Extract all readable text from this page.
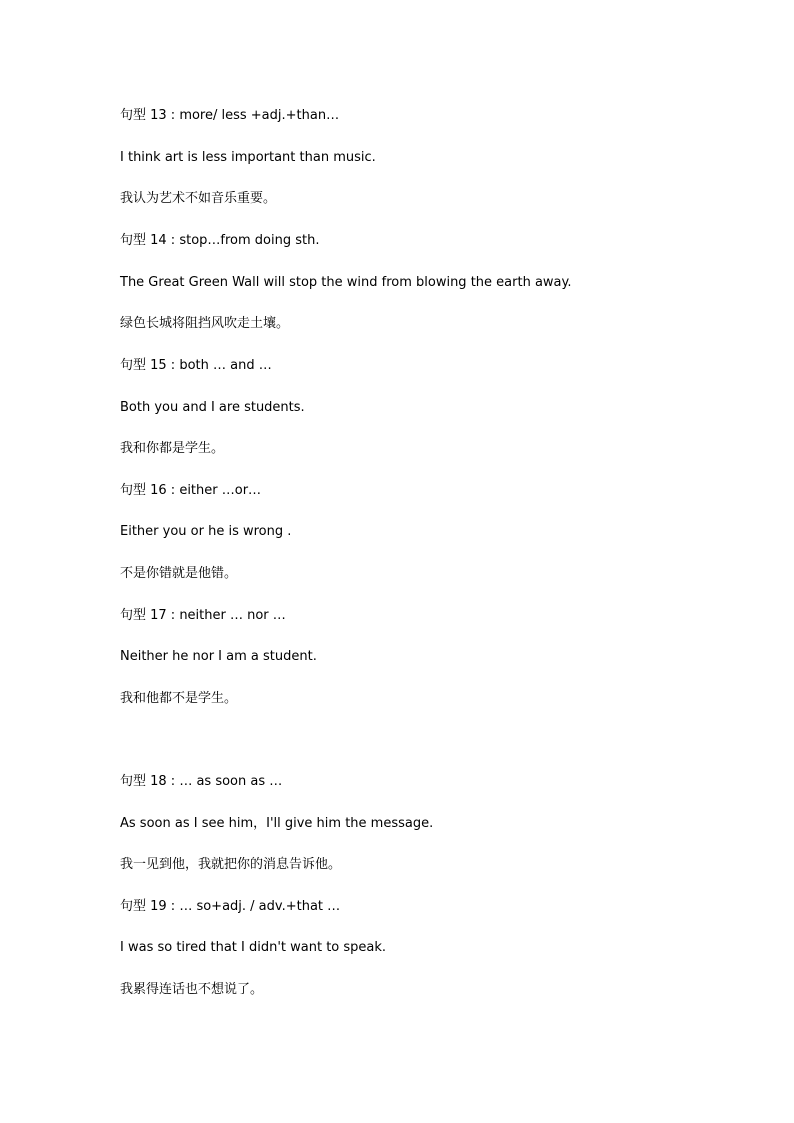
句型 13 : more/ less +adj.+than…
I think art is less important than music.
我认为艺术不如音乐重要。
句型 14 : stop…from doing sth.
The Great Green Wall will stop the wind from blowing the earth away.
绿色长城将阻挡风吹走土壤。
句型 15 : both … and …
Both you and I are students.
我和你都是学生。
句型 16 : either …or…
Either you or he is wrong .
不是你错就是他错。
句型 17 : neither … nor …
Neither he nor I am a student.
我和他都不是学生。
句型 18 : … as soon as …
As soon as I see him，I'll give him the message.
我一见到他，我就把你的消息告诉他。
句型 19 : … so+adj. / adv.+that …
I was so tired that I didn't want to speak.
我累得连话也不想说了。
